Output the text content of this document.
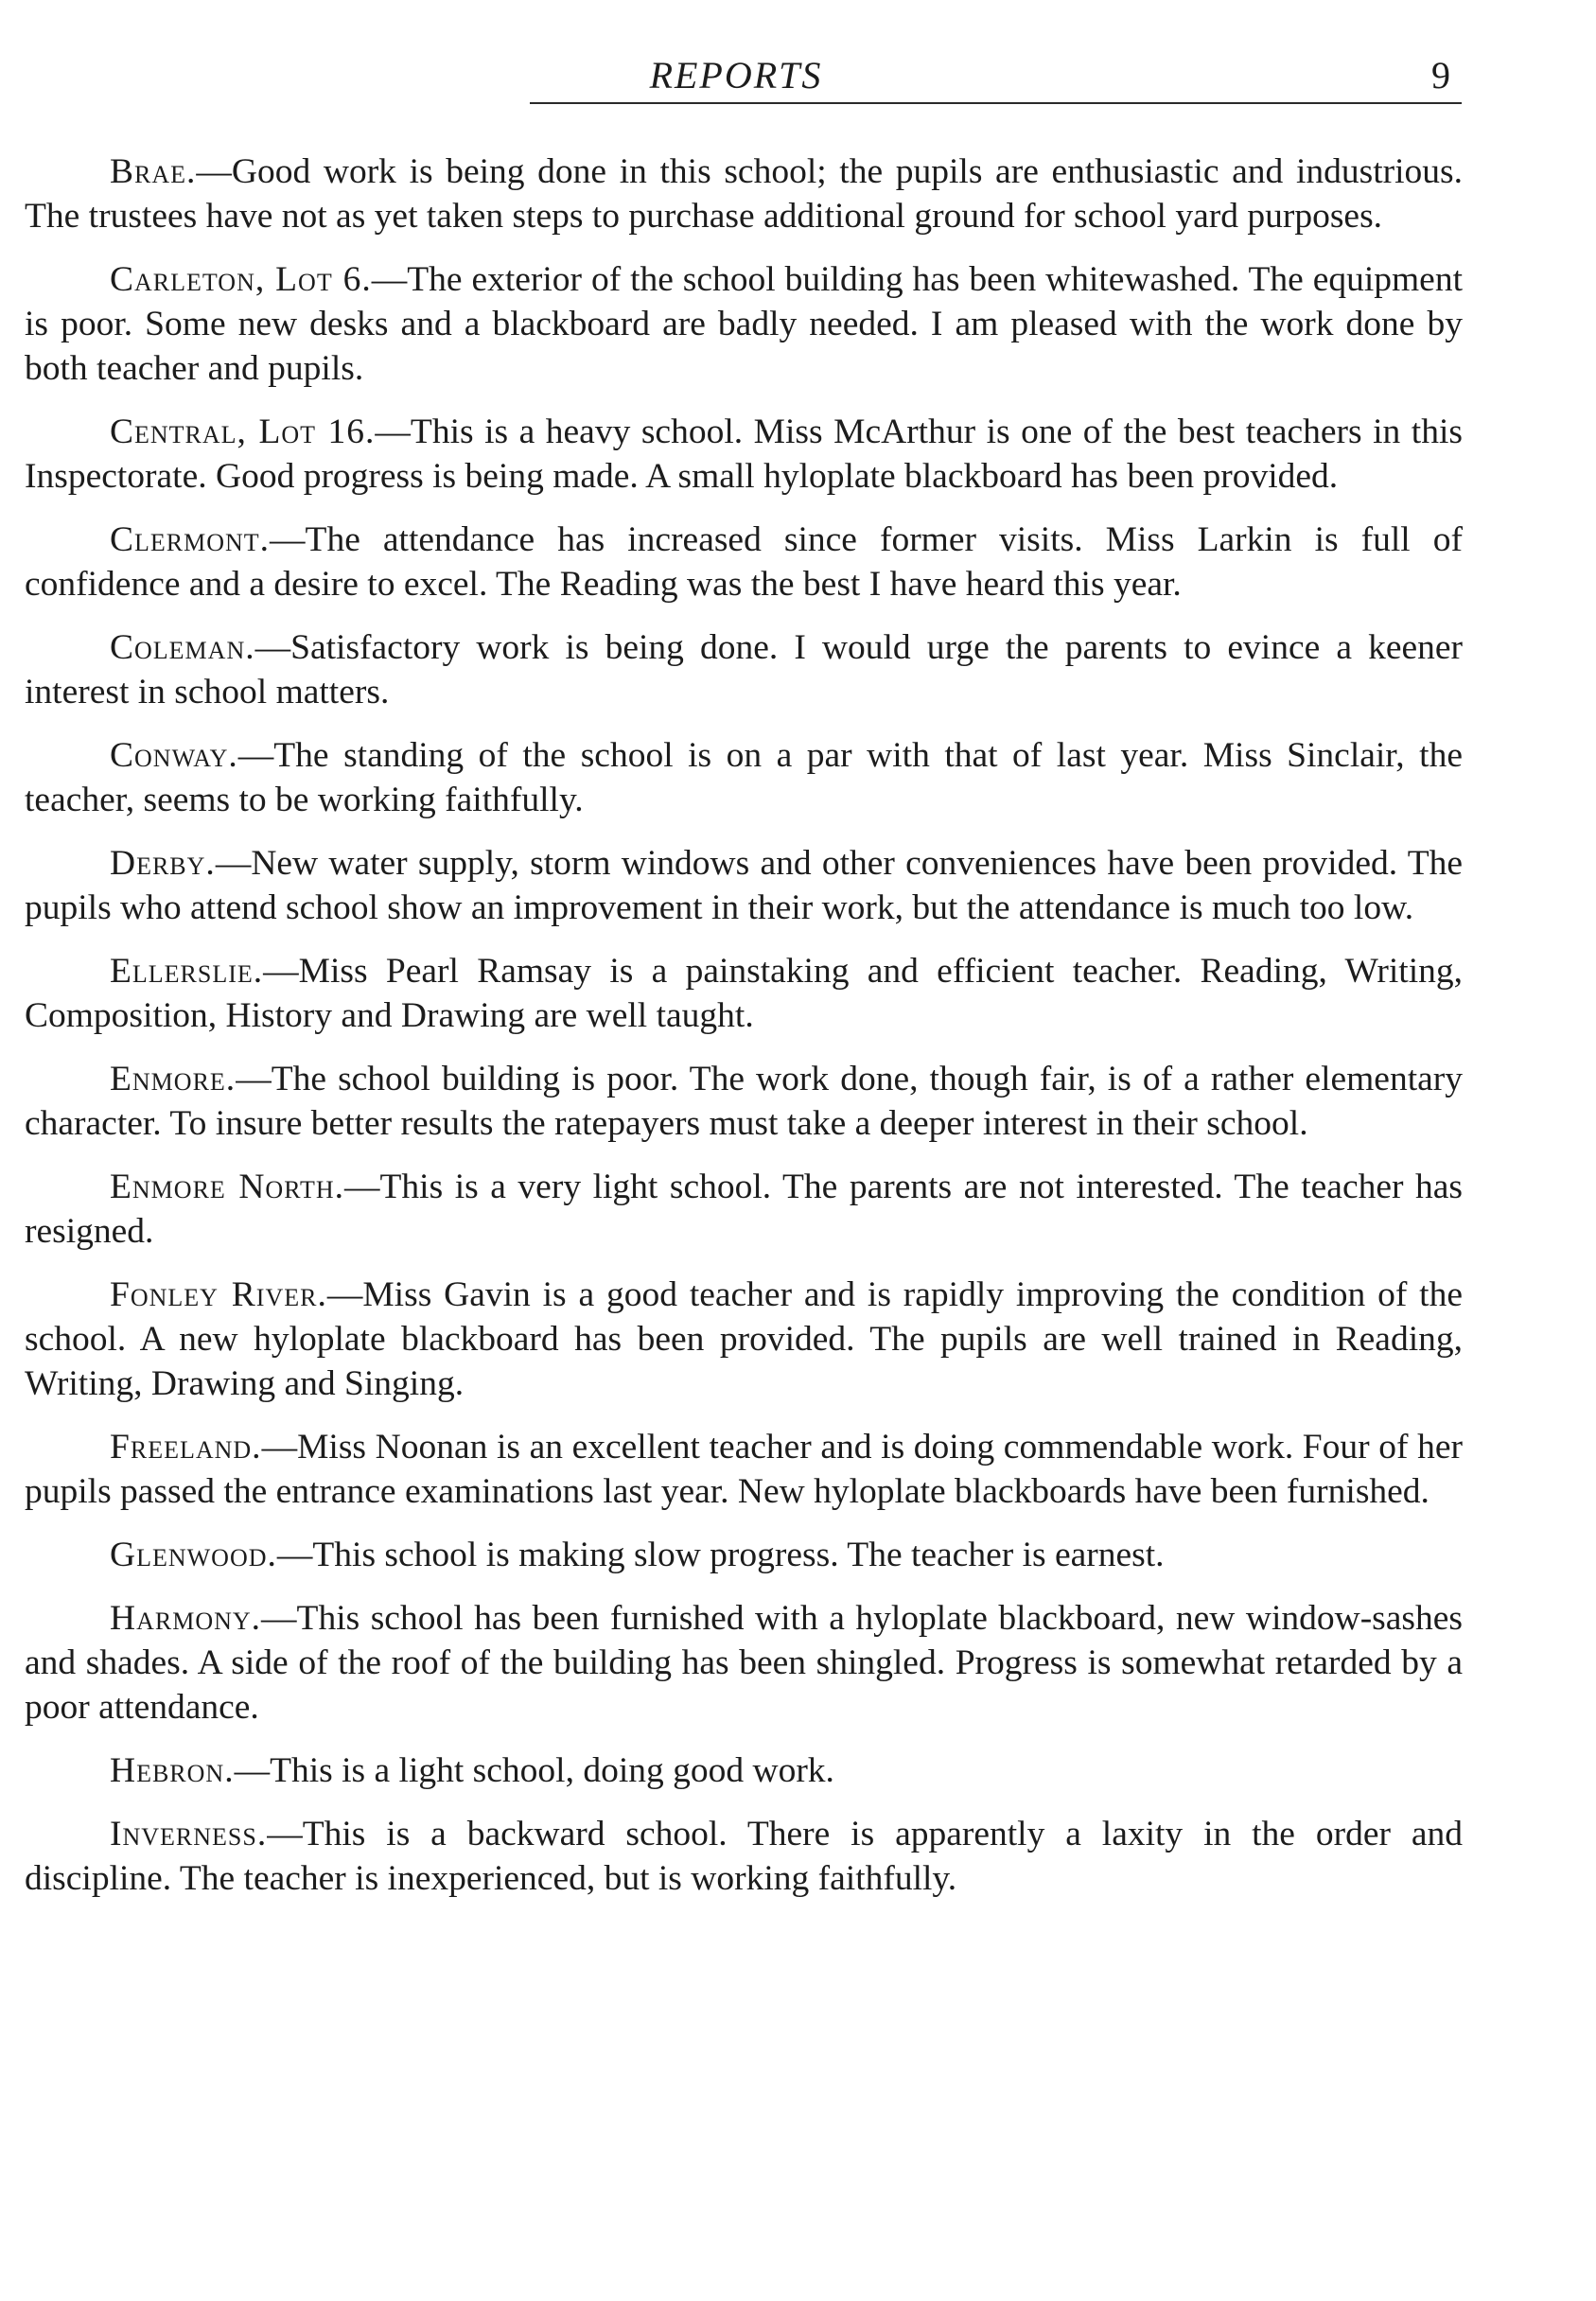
REPORTS	9

Brae.—Good work is being done in this school; the pupils are enthusiastic and industrious. The trustees have not as yet taken steps to purchase additional ground for school yard purposes.

Carleton, Lot 6.—The exterior of the school building has been whitewashed. The equipment is poor. Some new desks and a blackboard are badly needed. I am pleased with the work done by both teacher and pupils.

Central, Lot 16.—This is a heavy school. Miss McArthur is one of the best teachers in this Inspectorate. Good progress is being made. A small hyloplate blackboard has been provided.

Clermont.—The attendance has increased since former visits. Miss Larkin is full of confidence and a desire to excel. The Reading was the best I have heard this year.

Coleman.—Satisfactory work is being done. I would urge the parents to evince a keener interest in school matters.

Conway.—The standing of the school is on a par with that of last year. Miss Sinclair, the teacher, seems to be working faithfully.

Derby.—New water supply, storm windows and other conveniences have been provided. The pupils who attend school show an improvement in their work, but the attendance is much too low.

Ellerslie.—Miss Pearl Ramsay is a painstaking and efficient teacher. Reading, Writing, Composition, History and Drawing are well taught.

Enmore.—The school building is poor. The work done, though fair, is of a rather elementary character. To insure better results the ratepayers must take a deeper interest in their school.

Enmore North.—This is a very light school. The parents are not interested. The teacher has resigned.

Fonley River.—Miss Gavin is a good teacher and is rapidly improving the condition of the school. A new hyloplate blackboard has been provided. The pupils are well trained in Reading, Writing, Drawing and Singing.

Freeland.—Miss Noonan is an excellent teacher and is doing commendable work. Four of her pupils passed the entrance examinations last year. New hyloplate blackboards have been furnished.

Glenwood.—This school is making slow progress. The teacher is earnest.

Harmony.—This school has been furnished with a hyloplate blackboard, new window-sashes and shades. A side of the roof of the building has been shingled. Progress is somewhat retarded by a poor attendance.

Hebron.—This is a light school, doing good work.

Inverness.—This is a backward school. There is apparently a laxity in the order and discipline. The teacher is inexperienced, but is working faithfully.
